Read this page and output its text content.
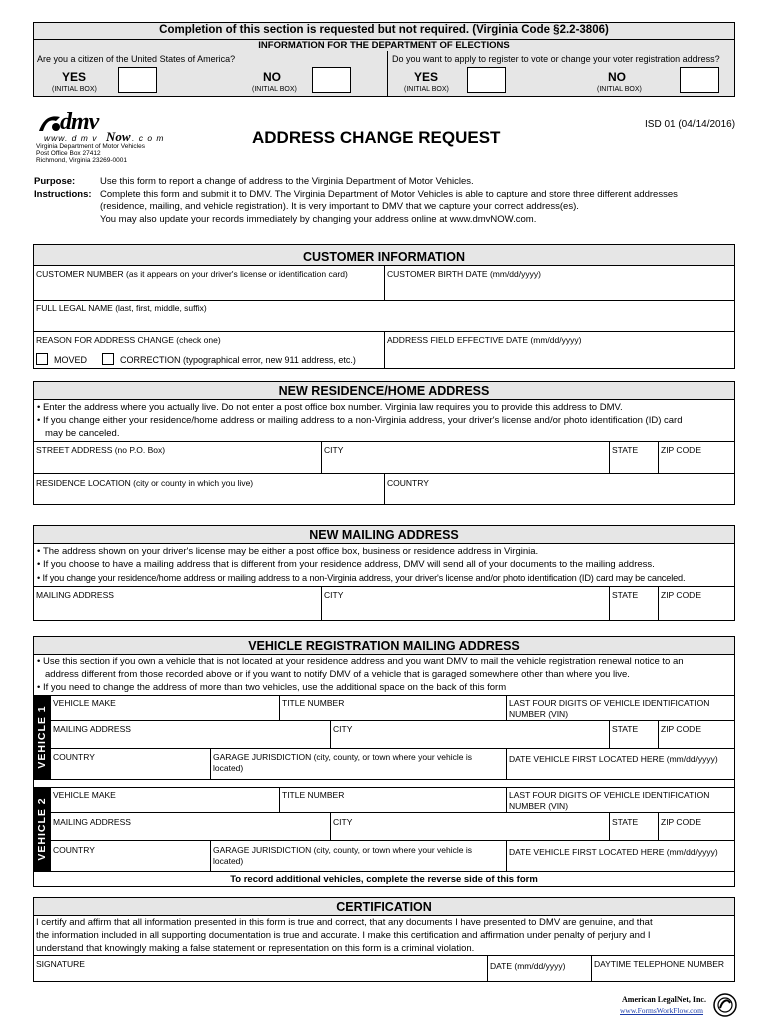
Completion of this section is requested but not required. (Virginia Code §2.2-3806)
INFORMATION FOR THE DEPARTMENT OF ELECTIONS
Are you a citizen of the United States of America?	Do you want to apply to register to vote or change your voter registration address?
YES
(INITIAL BOX)
NO
(INITIAL BOX)
YES
(INITIAL BOX)
NO
(INITIAL BOX)
dmv
www. d m v Now . c o m
Virginia Department of Motor Vehicles
Post Office Box 27412
Richmond, Virginia 23269-0001
ISD 01 (04/14/2016)
ADDRESS CHANGE REQUEST
Purpose:	Use this form to report a change of address to the Virginia Department of Motor Vehicles.
Instructions: Complete this form and submit it to DMV. The Virginia Department of Motor Vehicles is able to capture and store three different addresses
(residence, mailing, and vehicle registration). It is very important to DMV that we capture your correct address(es).
You may also update your records immediately by changing your address online at www.dmvNOW.com.
CUSTOMER INFORMATION
CUSTOMER NUMBER (as it appears on your driver's license or identification card)	CUSTOMER BIRTH DATE (mm/dd/yyyy)
FULL LEGAL NAME (last, first, middle, suffix)
REASON FOR ADDRESS CHANGE (check one)	ADDRESS FIELD EFFECTIVE DATE (mm/dd/yyyy)
MOVED	CORRECTION (typographical error, new 911 address, etc.)
NEW RESIDENCE/HOME ADDRESS
• Enter the address where you actually live. Do not enter a post office box number. Virginia law requires you to provide this address to DMV.
• If you change either your residence/home address or mailing address to a non-Virginia address, your driver's license and/or photo identification (ID) card
may be canceled.
STREET ADDRESS (no P.O. Box)	CITY	STATE	ZIP CODE
RESIDENCE LOCATION (city or county in which you live)	COUNTRY
NEW MAILING ADDRESS
• The address shown on your driver's license may be either a post office box, business or residence address in Virginia.
• If you choose to have a mailing address that is different from your residence address, DMV will send all of your documents to the mailing address.
• If you change your residence/home address or mailing address to a non-Virginia address, your driver's license and/or photo identification (ID) card may be canceled.
MAILING ADDRESS	CITY	STATE	ZIP CODE
VEHICLE REGISTRATION MAILING ADDRESS
• Use this section if you own a vehicle that is not located at your residence address and you want DMV to mail the vehicle registration renewal notice to an
address different from those recorded above or if you want to notify DMV of a vehicle that is garaged somewhere other than where you live.
• If you need to change the address of more than two vehicles, use the additional space on the back of this form
VEHICLE 1
VEHICLE MAKE	TITLE NUMBER	LAST FOUR DIGITS OF VEHICLE IDENTIFICATION
NUMBER (VIN)
MAILING ADDRESS	CITY	STATE	ZIP CODE
COUNTRY	GARAGE JURISDICTION (city, county, or town where your vehicle is
located)
DATE VEHICLE FIRST LOCATED HERE (mm/dd/yyyy)
VEHICLE 2
VEHICLE MAKE	TITLE NUMBER	LAST FOUR DIGITS OF VEHICLE IDENTIFICATION
NUMBER (VIN)
MAILING ADDRESS	CITY	STATE	ZIP CODE
COUNTRY	GARAGE JURISDICTION (city, county, or town where your vehicle is
located)
DATE VEHICLE FIRST LOCATED HERE (mm/dd/yyyy)
To record additional vehicles, complete the reverse side of this form
CERTIFICATION
I certify and affirm that all information presented in this form is true and correct, that any documents I have presented to DMV are genuine, and that
the information included in all supporting documentation is true and accurate. I make this certification and affirmation under penalty of perjury and I
understand that knowingly making a false statement or representation on this form is a criminal violation.
SIGNATURE	DATE (mm/dd/yyyy)	DAYTIME TELEPHONE NUMBER
American LegalNet, Inc.
www.FormsWorkFlow.com
